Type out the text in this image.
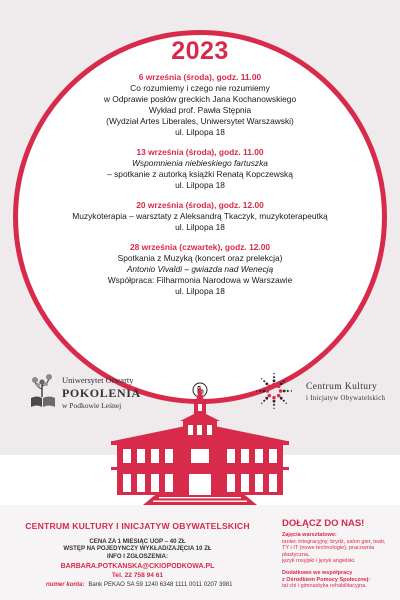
2023
6 września (środa), godz. 11.00
Co rozumiemy i czego nie rozumiemy
w Odprawie posłów greckich Jana Kochanowskiego
Wykład prof. Pawła Stępnia
(Wydział Artes Liberales, Uniwersytet Warszawski)
ul. Lilpopa 18
13 września (środa), godz. 11.00
Wspomnienia niebieskiego fartuszka
– spotkanie z autorką książki Renatą Kopczewską
ul. Lilpopa 18
20 września (środa), godz. 12.00
Muzykoterapia – warsztaty z Aleksandrą Tkaczyk, muzykoterapeutką
ul. Lilpopa 18
28 września (czwartek), godz. 12.00
Spotkania z Muzyką (koncert oraz prelekcja)
Antonio Vivaldi – gwiazda nad Wenecją
Współpraca: Filharmonia Narodowa w Warszawie
ul. Lilpopa 18
Uniwersytet Otwarty
POKOLENIA
w Podkowie Leśnej
Centrum Kultury
i Inicjatyw Obywatelskich
CENTRUM KULTURY I INICJATYW OBYWATELSKICH
CENA ZA 1 MIESIĄC UOP – 40 ZŁ
WSTĘP NA POJEDYNCZY WYKŁAD/ZAJĘCIA 10 ZŁ
INFO I ZGŁOSZENIA:
BARBARA.POTKANSKA@CKIOPODKOWA.PL
Tel. 22 758 94 61
numer konta: Bank PEKAO SA 59 1240 6348 1111 0011 0207 3981
DOŁĄCZ DO NAS!
Zajęcia warsztatowe:
taniec integracyjny, brydż, salon gier, teatr,
TY i IT (nowe technologie), pracownia plastyczna,
język rosyjski i język angielski.
Dodatkowo we współpracy
z Ośrodkiem Pomocy Społecznej:
tai chi i gimnastyka rehabilitacyjna.
